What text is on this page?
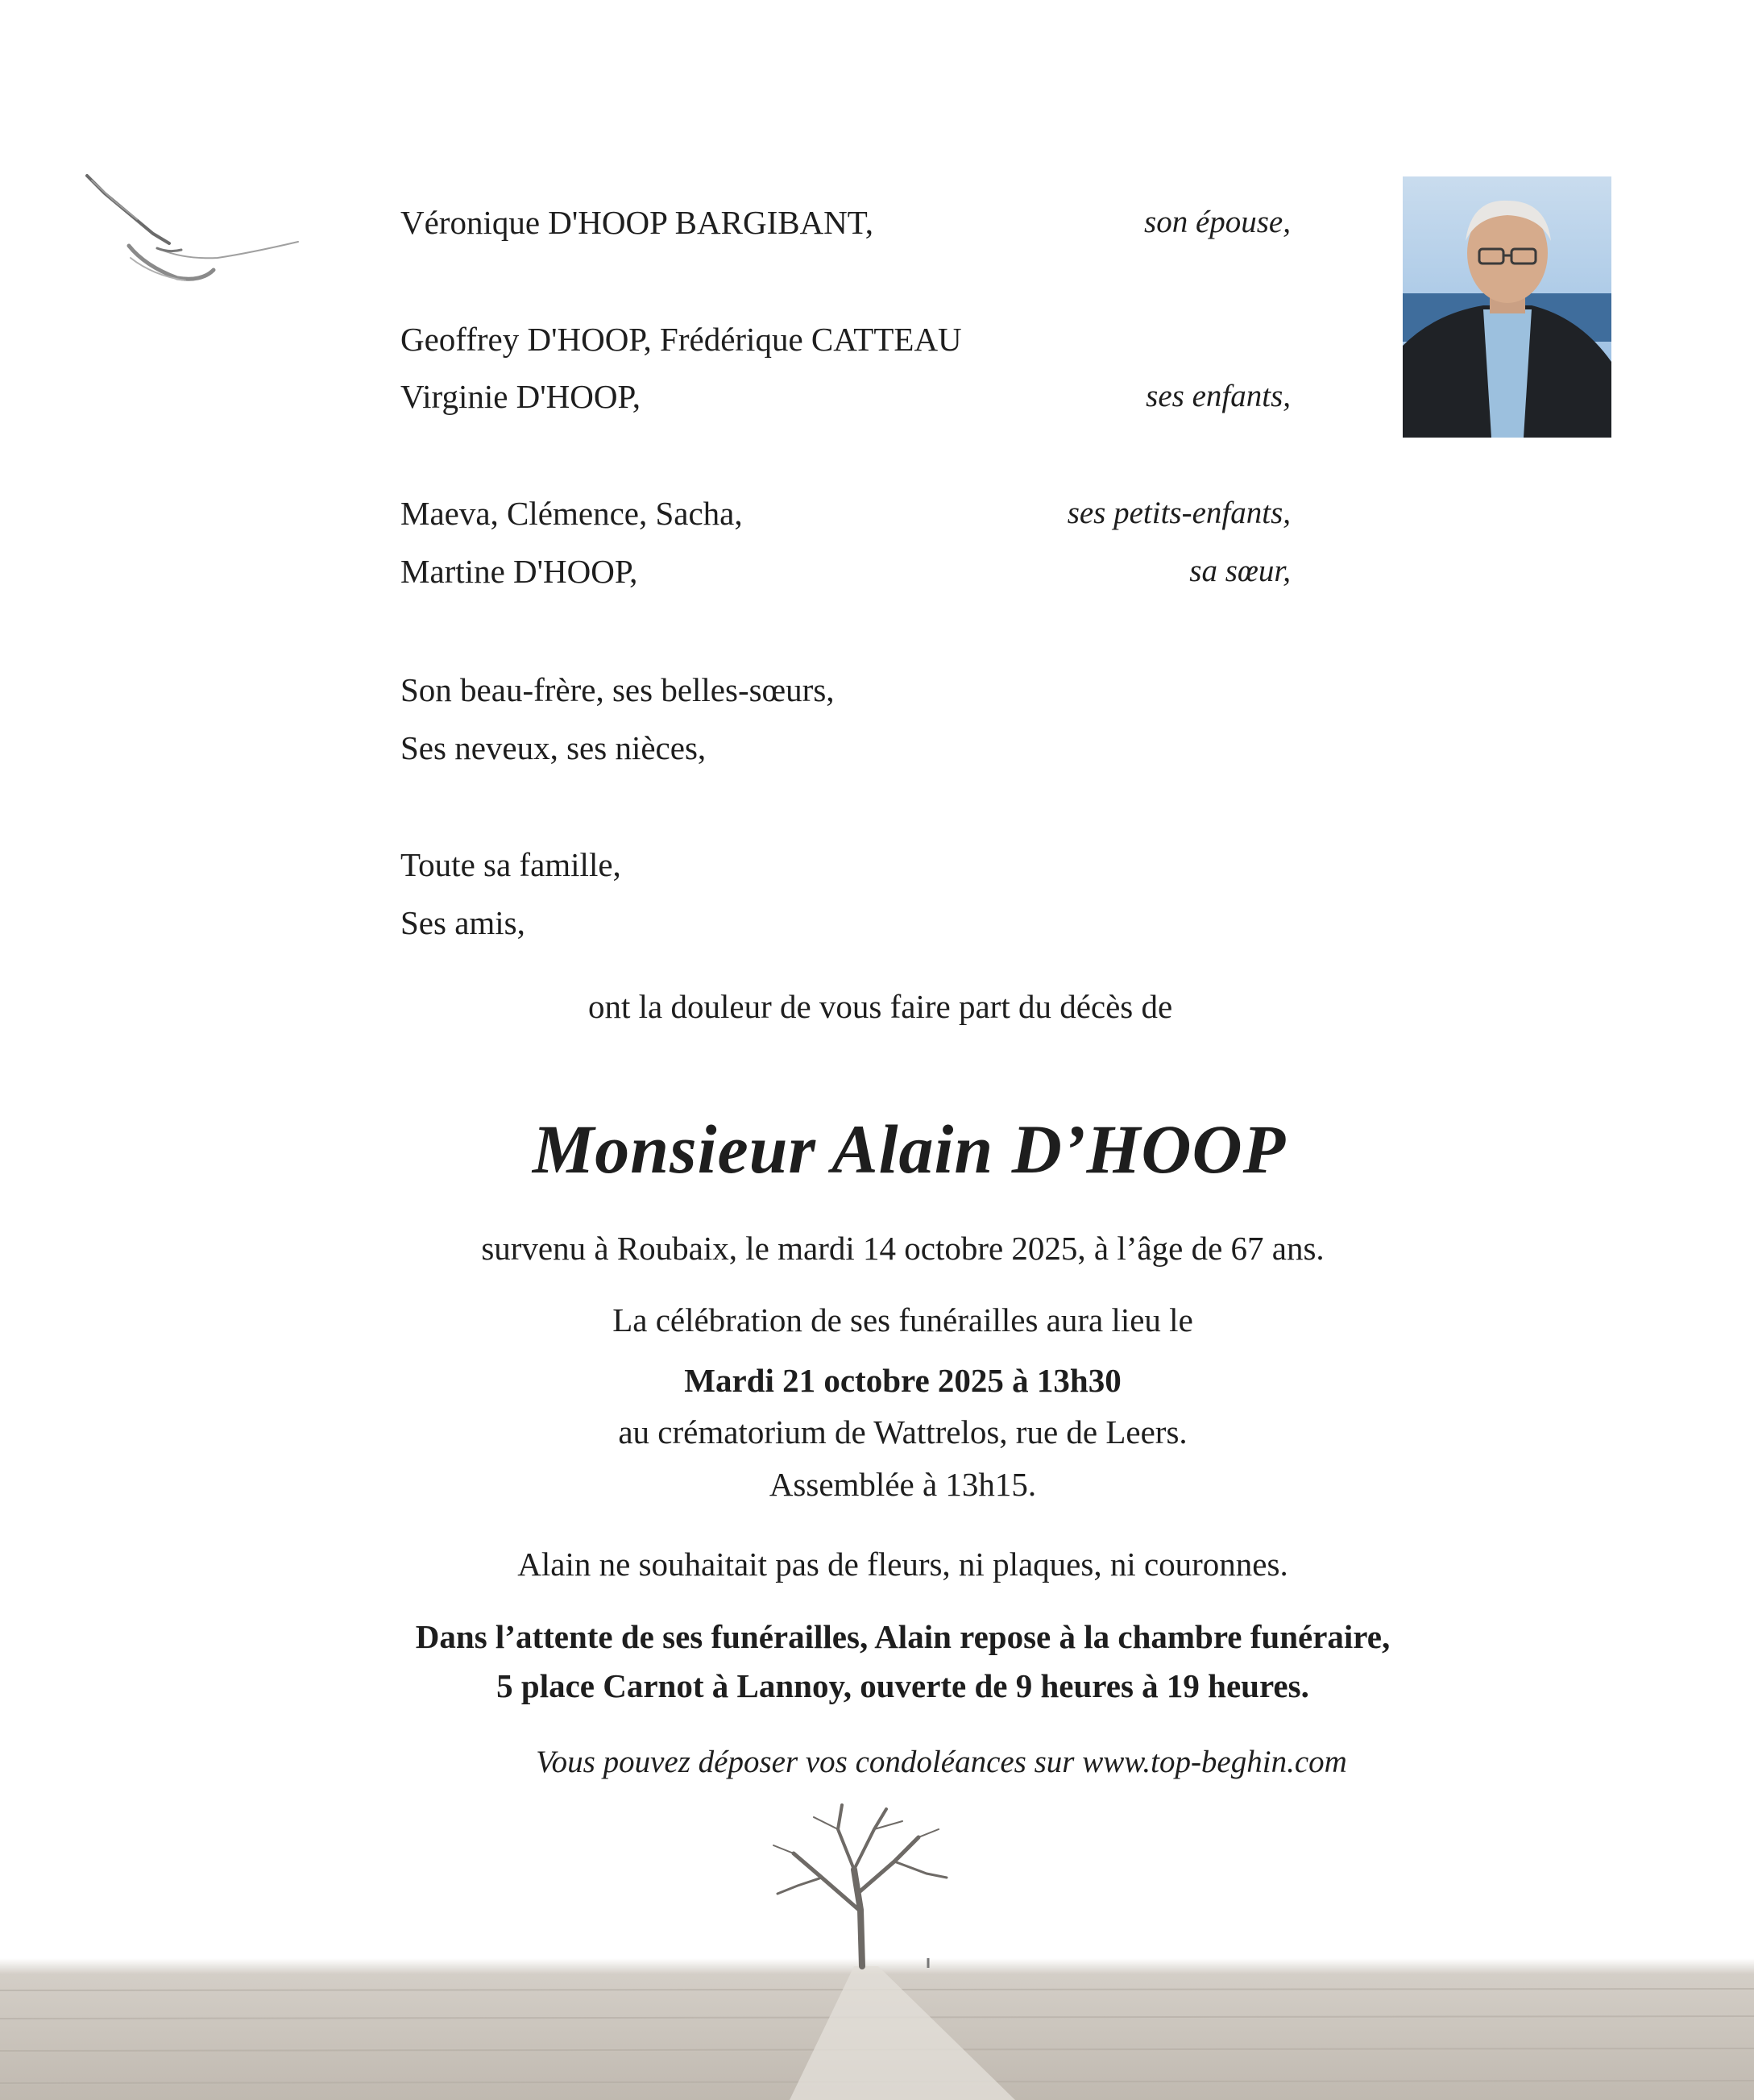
Véronique D'HOOP BARGIBANT,	son épouse,
Geoffrey D'HOOP, Frédérique CATTEAU
Virginie D'HOOP,	ses enfants,
Maeva, Clémence, Sacha,	ses petits-enfants,
Martine D'HOOP,	sa sœur,
Son beau-frère, ses belles-sœurs,
Ses neveux, ses nièces,
Toute sa famille,
Ses amis,
ont la douleur de vous faire part du décès de
Monsieur Alain D’HOOP
survenu à Roubaix, le mardi 14 octobre 2025, à l’âge de 67 ans.
La célébration de ses funérailles aura lieu le
Mardi 21 octobre 2025 à 13h30
au crématorium de Wattrelos, rue de Leers.
Assemblée à 13h15.
Alain ne souhaitait pas de fleurs, ni plaques, ni couronnes.
Dans l’attente de ses funérailles, Alain repose à la chambre funéraire,
5 place Carnot à Lannoy, ouverte de 9 heures à 19 heures.
Vous pouvez déposer vos condoléances sur www.top-beghin.com
